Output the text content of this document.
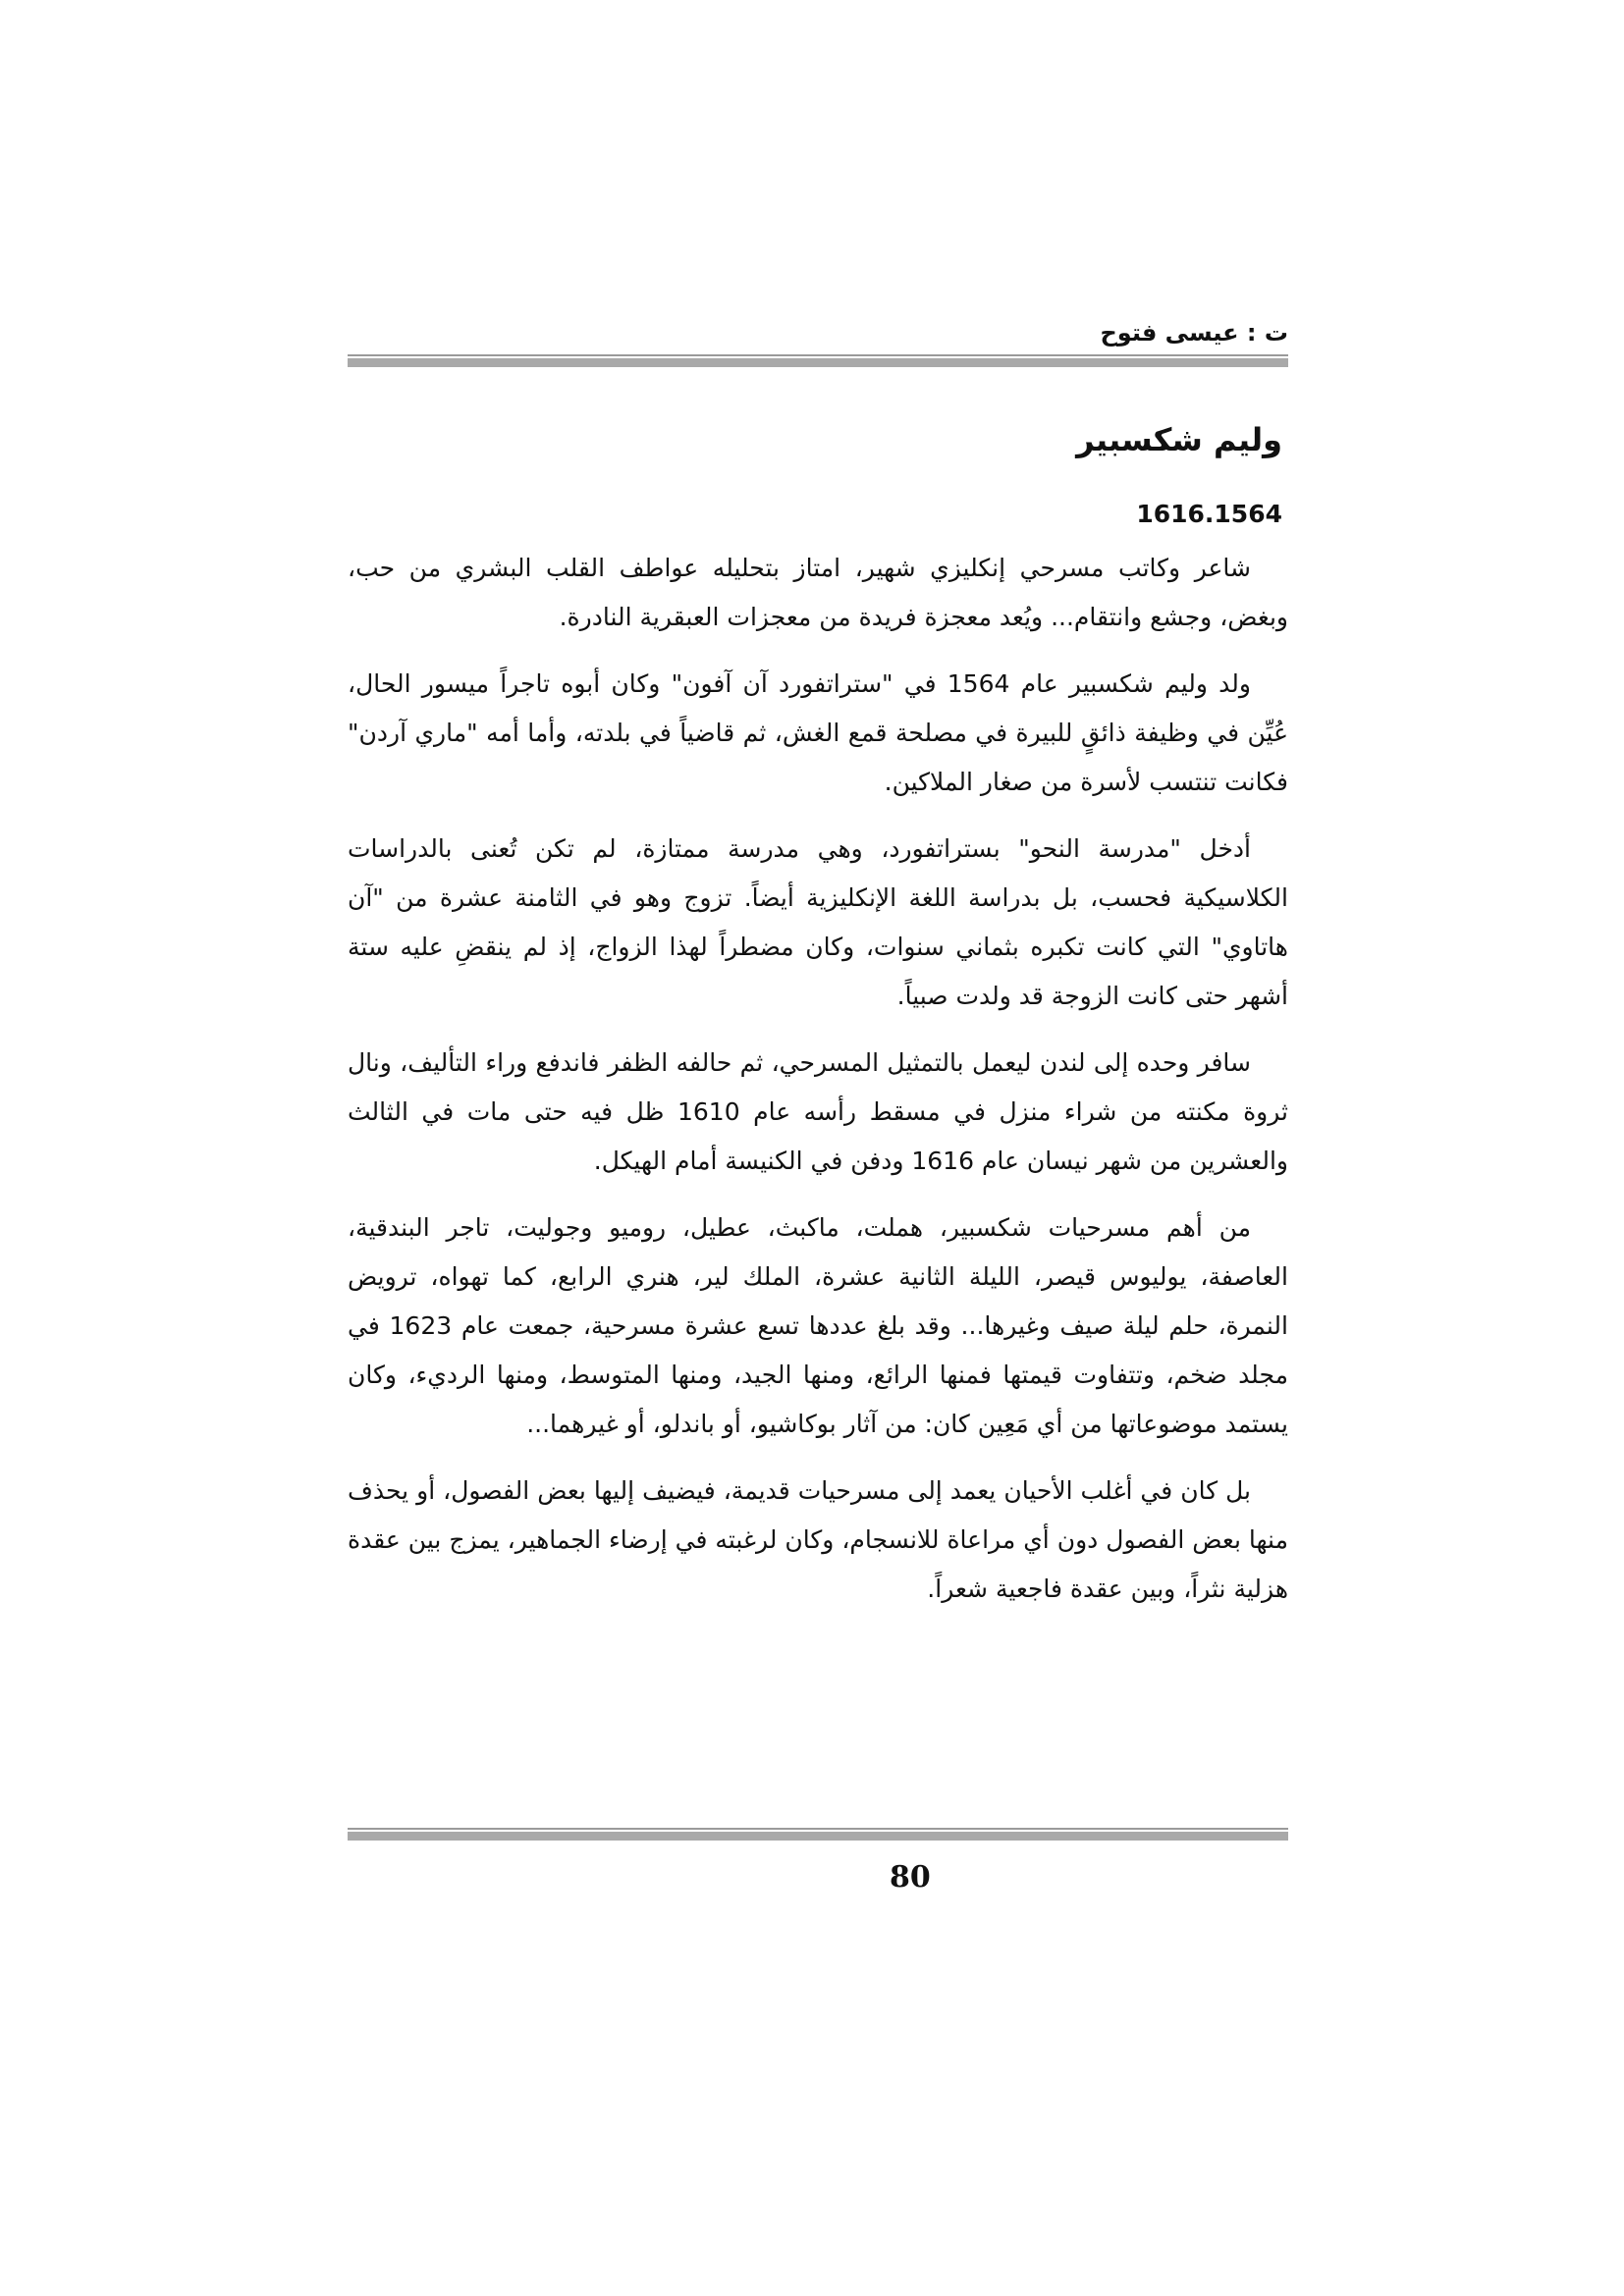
ت : عيسى فتوح
وليم شكسبير
1616.1564

شاعر وكاتب مسرحي إنكليزي شهير، امتاز بتحليله عواطف القلب البشري من حب، وبغض، وجشع وانتقام... ويُعد معجزة فريدة من معجزات العبقرية النادرة.

ولد وليم شكسبير عام 1564 في "ستراتفورد آن آفون" وكان أبوه تاجراً ميسور الحال، عُيِّن في وظيفة ذائقٍ للبيرة في مصلحة قمع الغش، ثم قاضياً في بلدته، وأما أمه "ماري آردن" فكانت تنتسب لأسرة من صغار الملاكين.

أدخل "مدرسة النحو" بستراتفورد، وهي مدرسة ممتازة، لم تكن تُعنى بالدراسات الكلاسيكية فحسب، بل بدراسة اللغة الإنكليزية أيضاً. تزوج وهو في الثامنة عشرة من "آن هاتاوي" التي كانت تكبره بثماني سنوات، وكان مضطراً لهذا الزواج، إذ لم ينقضِ عليه ستة أشهر حتى كانت الزوجة قد ولدت صبياً.

سافر وحده إلى لندن ليعمل بالتمثيل المسرحي، ثم حالفه الظفر فاندفع وراء التأليف، ونال ثروة مكنته من شراء منزل في مسقط رأسه عام 1610 ظل فيه حتى مات في الثالث والعشرين من شهر نيسان عام 1616 ودفن في الكنيسة أمام الهيكل.

من أهم مسرحيات شكسبير، هملت، ماكبث، عطيل، روميو وجوليت، تاجر البندقية، العاصفة، يوليوس قيصر، الليلة الثانية عشرة، الملك لير، هنري الرابع، كما تهواه، ترويض النمرة، حلم ليلة صيف وغيرها... وقد بلغ عددها تسع عشرة مسرحية، جمعت عام 1623 في مجلد ضخم، وتتفاوت قيمتها فمنها الرائع، ومنها الجيد، ومنها المتوسط، ومنها الرديء، وكان يستمد موضوعاتها من أي مَعِين كان: من آثار بوكاشيو، أو باندلو، أو غيرهما...

بل كان في أغلب الأحيان يعمد إلى مسرحيات قديمة، فيضيف إليها بعض الفصول، أو يحذف منها بعض الفصول دون أي مراعاة للانسجام، وكان لرغبته في إرضاء الجماهير، يمزج بين عقدة هزلية نثراً، وبين عقدة فاجعية شعراً.

80
